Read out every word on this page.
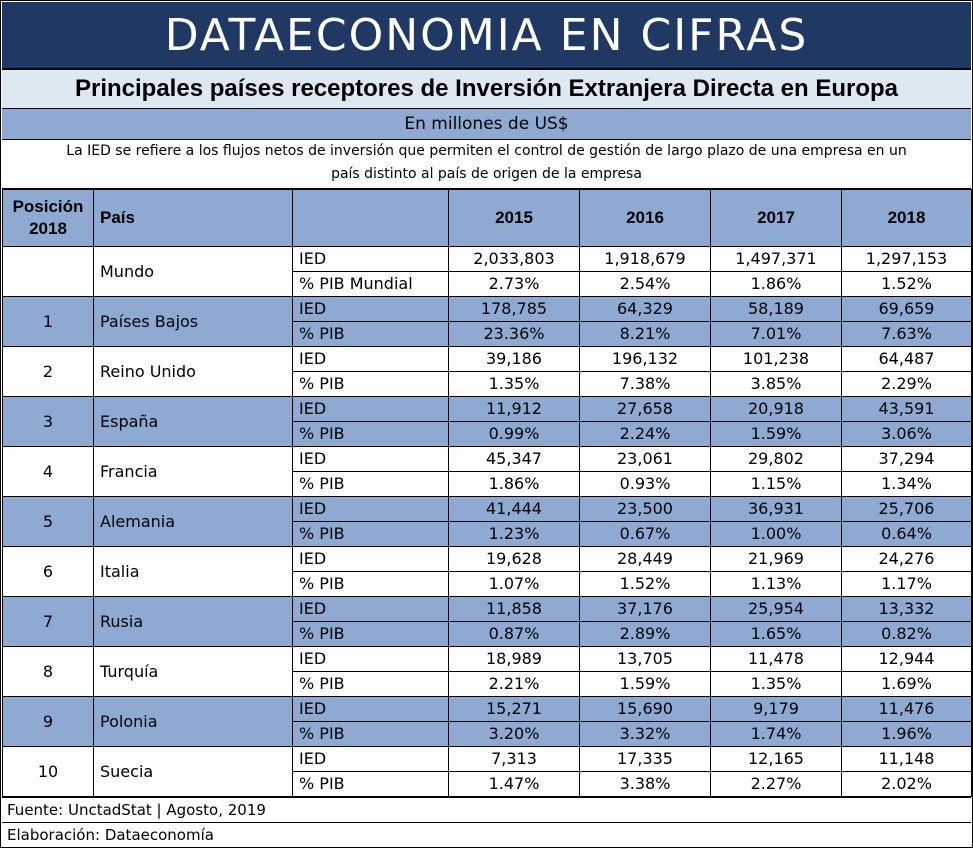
DATAECONOMIA EN CIFRAS
Principales países receptores de Inversión Extranjera Directa en Europa
En millones de US$
La IED se refiere a los flujos netos de inversión que permiten el control de gestión de largo plazo de una empresa en un
país distinto al país de origen de la empresa
Posición
2018	País		2015	2016	2017	2018
	Mundo	IED	2,033,803	1,918,679	1,497,371	1,297,153
		% PIB Mundial	2.73%	2.54%	1.86%	1.52%
1	Países Bajos	IED	178,785	64,329	58,189	69,659
		% PIB	23.36%	8.21%	7.01%	7.63%
2	Reino Unido	IED	39,186	196,132	101,238	64,487
		% PIB	1.35%	7.38%	3.85%	2.29%
3	España	IED	11,912	27,658	20,918	43,591
		% PIB	0.99%	2.24%	1.59%	3.06%
4	Francia	IED	45,347	23,061	29,802	37,294
		% PIB	1.86%	0.93%	1.15%	1.34%
5	Alemania	IED	41,444	23,500	36,931	25,706
		% PIB	1.23%	0.67%	1.00%	0.64%
6	Italia	IED	19,628	28,449	21,969	24,276
		% PIB	1.07%	1.52%	1.13%	1.17%
7	Rusia	IED	11,858	37,176	25,954	13,332
		% PIB	0.87%	2.89%	1.65%	0.82%
8	Turquía	IED	18,989	13,705	11,478	12,944
		% PIB	2.21%	1.59%	1.35%	1.69%
9	Polonia	IED	15,271	15,690	9,179	11,476
		% PIB	3.20%	3.32%	1.74%	1.96%
10	Suecia	IED	7,313	17,335	12,165	11,148
		% PIB	1.47%	3.38%	2.27%	2.02%
Fuente: UnctadStat | Agosto, 2019
Elaboración: Dataeconomía
